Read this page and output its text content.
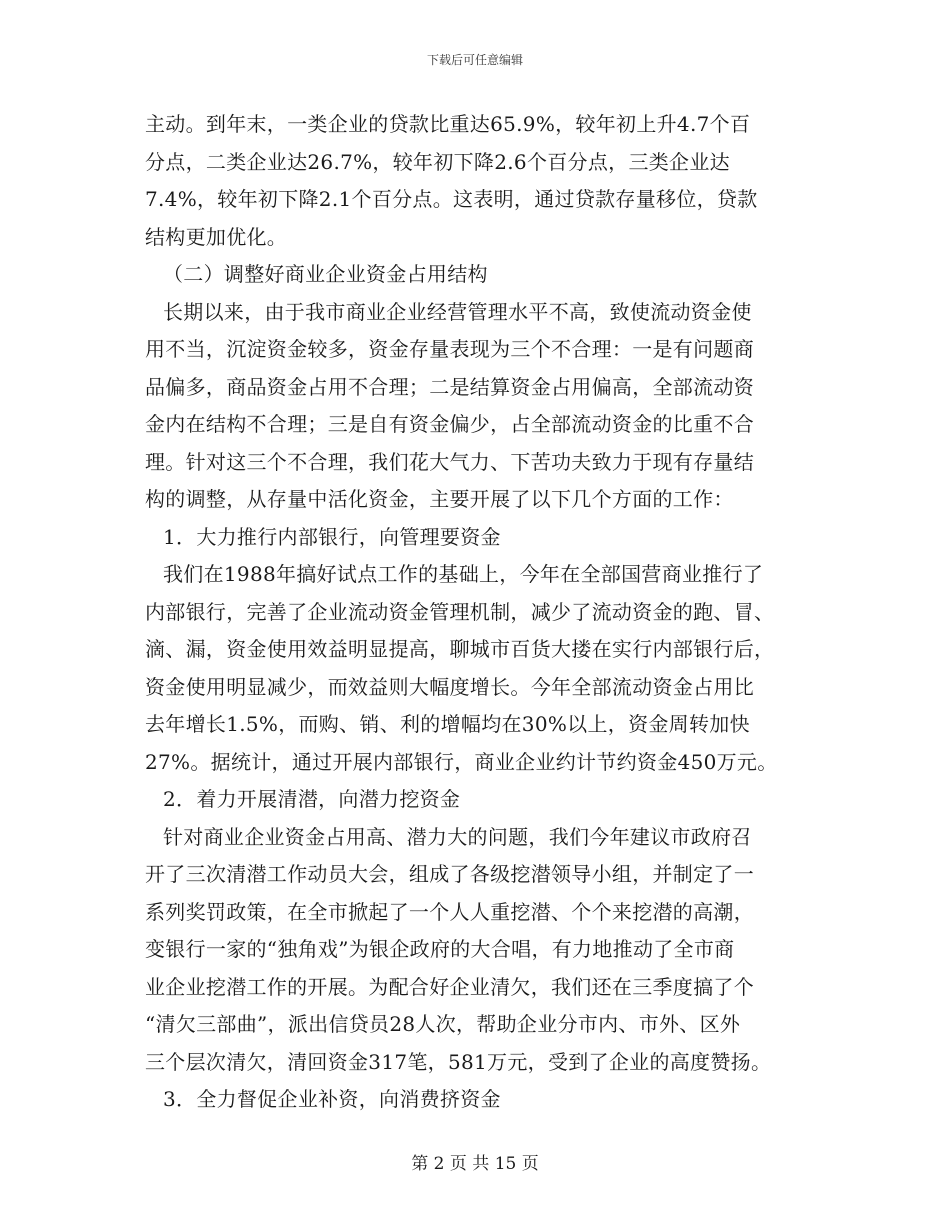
下载后可任意编辑
主动。到年末，一类企业的贷款比重达65.9%，较年初上升4.7个百
分点，二类企业达26.7%，较年初下降2.6个百分点，三类企业达
7.4%，较年初下降2.1个百分点。这表明，通过贷款存量移位，贷款
结构更加优化。
（二）调整好商业企业资金占用结构
长期以来，由于我市商业企业经营管理水平不高，致使流动资金使
用不当，沉淀资金较多，资金存量表现为三个不合理：一是有问题商
品偏多，商品资金占用不合理；二是结算资金占用偏高，全部流动资
金内在结构不合理；三是自有资金偏少，占全部流动资金的比重不合
理。针对这三个不合理，我们花大气力、下苦功夫致力于现有存量结
构的调整，从存量中活化资金，主要开展了以下几个方面的工作：
1．大力推行内部银行，向管理要资金
我们在1988年搞好试点工作的基础上，今年在全部国营商业推行了
内部银行，完善了企业流动资金管理机制，减少了流动资金的跑、冒、
滴、漏，资金使用效益明显提高，聊城市百货大搂在实行内部银行后，
资金使用明显减少，而效益则大幅度增长。今年全部流动资金占用比
去年增长1.5%，而购、销、利的增幅均在30%以上，资金周转加快
27%。据统计，通过开展内部银行，商业企业约计节约资金450万元。
2．着力开展清潜，向潜力挖资金
针对商业企业资金占用高、潜力大的问题，我们今年建议市政府召
开了三次清潜工作动员大会，组成了各级挖潜领导小组，并制定了一
系列奖罚政策，在全市掀起了一个人人重挖潜、个个来挖潜的高潮，
变银行一家的“独角戏”为银企政府的大合唱，有力地推动了全市商
业企业挖潜工作的开展。为配合好企业清欠，我们还在三季度搞了个
“清欠三部曲”，派出信贷员28人次，帮助企业分市内、市外、区外
三个层次清欠，清回资金317笔，581万元，受到了企业的高度赞扬。
3．全力督促企业补资，向消费挤资金
第 2 页 共 15 页
